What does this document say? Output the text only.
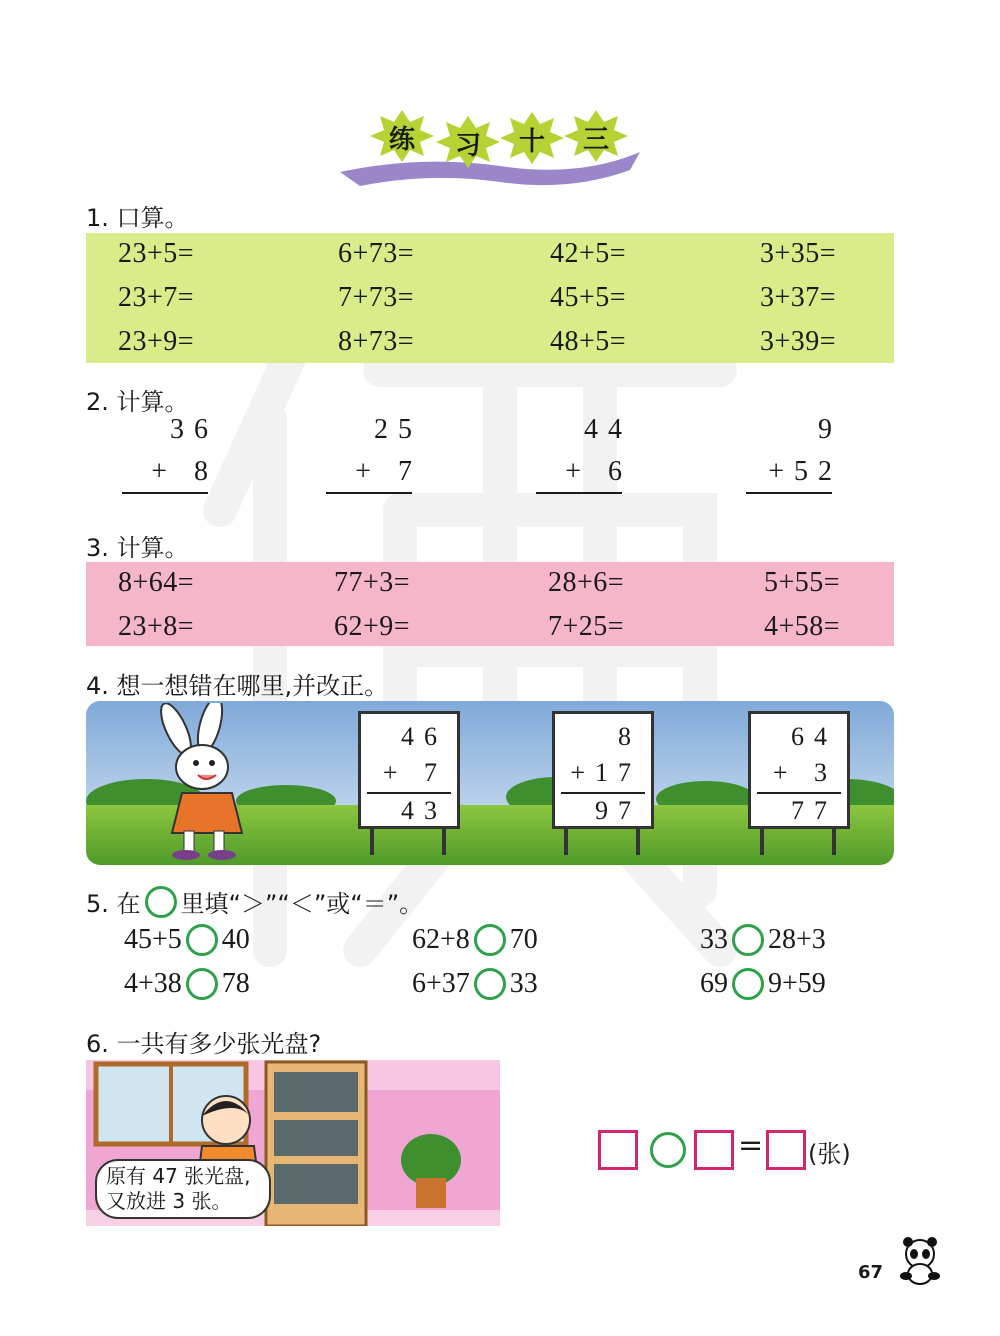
练	习	十	三
1. 口算。
23+5=	6+73=	42+5=	3+35=
23+7=	7+73=	45+5=	3+37=
23+9=	8+73=	48+5=	3+39=
2. 计算。
36
+ 8
25
+ 7
44
+ 6
9
+52
3. 计算。
8+64=	77+3=	28+6=	5+55=
23+8=	62+9=	7+25=	4+58=
4. 想一想错在哪里,并改正。
46
+ 7
43
8
+17
97
64
+ 3
77
5. 在 里填“＞”“＜”或“＝”。
45+5 40	62+8 70	33 28+3
4+38 78	6+37 33	69 9+59
6. 一共有多少张光盘?
原有 47 张光盘,
又放进 3 张。
= (张)
67
